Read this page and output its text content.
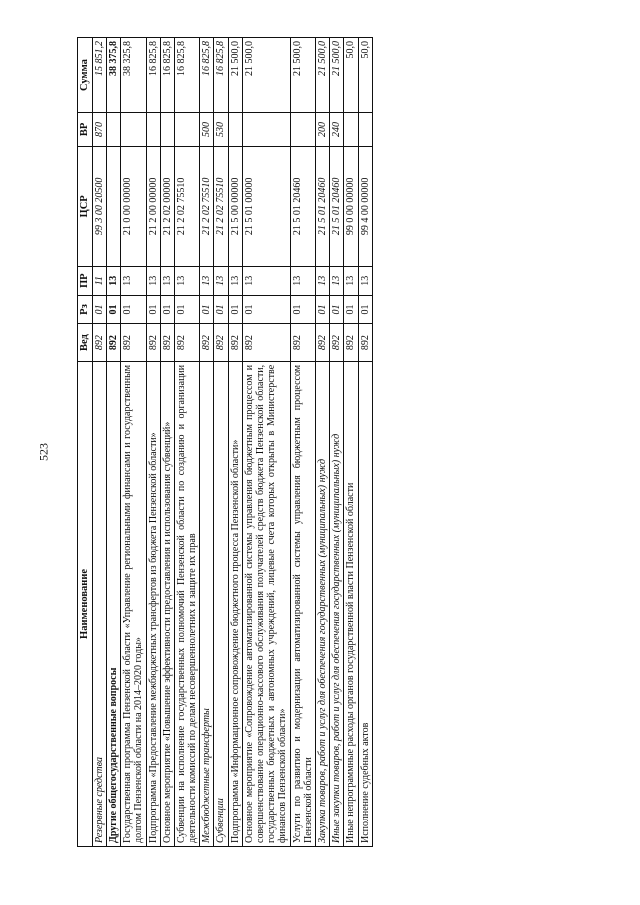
523
Наименование	Вед	Рз	ПР	ЦСР	ВР	Сумма
Резервные средства	892	01	11	99 3 00 20500	870	15 851,2
Другие общегосударственные вопросы	892	01	13			38 375,8
Государственная программа Пензенской области «Управление региональными финансами и государственным долгом Пензенской области на 2014–2020 годы»	892	01	13	21 0 00 00000		38 325,8
Подпрограмма «Предоставление межбюджетных трансфертов из бюджета Пензенской области»	892	01	13	21 2 00 00000		16 825,8
Основное мероприятие «Повышение эффективности предоставления и использования субвенций»	892	01	13	21 2 02 00000		16 825,8
Субвенции на исполнение государственных полномочий Пензенской области по созданию и организации деятельности комиссий по делам несовершеннолетних и защите их прав	892	01	13	21 2 02 75510		16 825,8
Межбюджетные трансферты	892	01	13	21 2 02 75510	500	16 825,8
Субвенции	892	01	13	21 2 02 75510	530	16 825,8
Подпрограмма «Информационное сопровождение бюджетного процесса Пензенской области»	892	01	13	21 5 00 00000		21 500,0
Основное мероприятие «Сопровождение автоматизированной системы управления бюджетным процессом и совершенствование операционно-кассового обслуживания получателей средств бюджета Пензенской области, государственных бюджетных и автономных учреждений, лицевые счета которых открыты в Министерстве финансов Пензенской области»	892	01	13	21 5 01 00000		21 500,0
Услуги по развитию и модернизации автоматизированной системы управления бюджетным процессом Пензенской области	892	01	13	21 5 01 20460		21 500,0
Закупка товаров, работ и услуг для обеспечения государственных (муниципальных) нужд	892	01	13	21 5 01 20460	200	21 500,0
Иные закупки товаров, работ и услуг для обеспечения государственных (муниципальных) нужд	892	01	13	21 5 01 20460	240	21 500,0
Иные непрограммные расходы органов государственной власти Пензенской области	892	01	13	99 0 00 00000		50,0
Исполнение судебных актов	892	01	13	99 4 00 00000		50,0
